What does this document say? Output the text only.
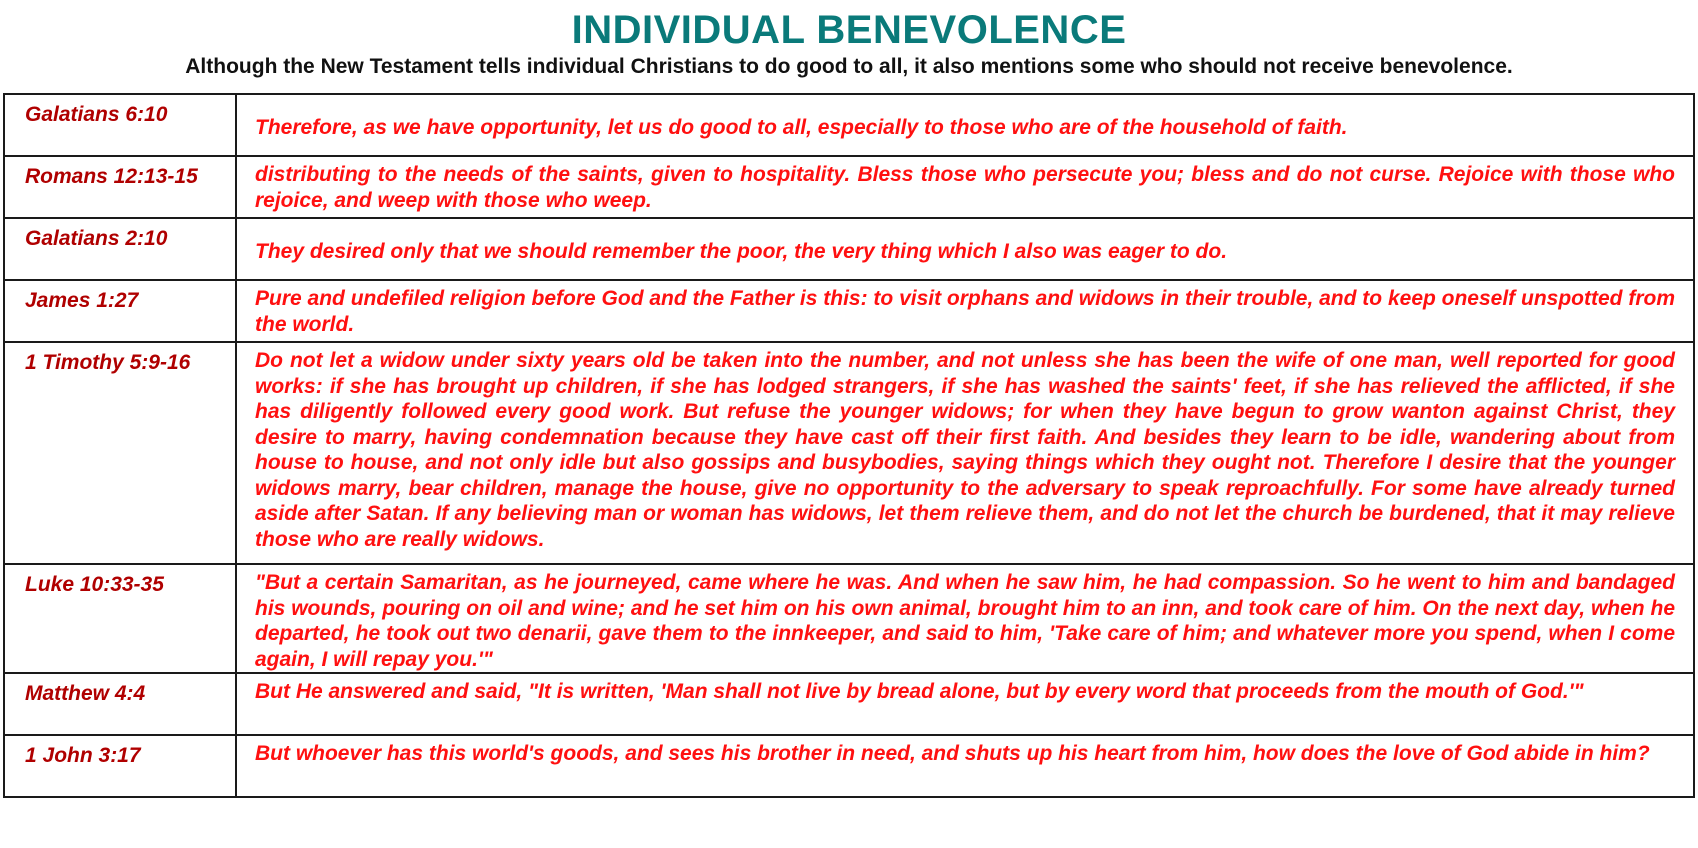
INDIVIDUAL BENEVOLENCE
Although the New Testament tells individual Christians to do good to all, it also mentions some who should not receive benevolence.
Galatians 6:10	Therefore, as we have opportunity, let us do good to all, especially to those who are of the household of faith.
Romans 12:13-15	distributing to the needs of the saints, given to hospitality. Bless those who persecute you; bless and do not curse. Rejoice with those who rejoice, and weep with those who weep.
Galatians 2:10	They desired only that we should remember the poor, the very thing which I also was eager to do.
James 1:27	Pure and undefiled religion before God and the Father is this: to visit orphans and widows in their trouble, and to keep oneself unspotted from the world.
1 Timothy 5:9-16	Do not let a widow under sixty years old be taken into the number, and not unless she has been the wife of one man, well reported for good works: if she has brought up children, if she has lodged strangers, if she has washed the saints' feet, if she has relieved the afflicted, if she has diligently followed every good work. But refuse the younger widows; for when they have begun to grow wanton against Christ, they desire to marry, having condemnation because they have cast off their first faith. And besides they learn to be idle, wandering about from house to house, and not only idle but also gossips and busybodies, saying things which they ought not. Therefore I desire that the younger widows marry, bear children, manage the house, give no opportunity to the adversary to speak reproachfully. For some have already turned aside after Satan. If any believing man or woman has widows, let them relieve them, and do not let the church be burdened, that it may relieve those who are really widows.
Luke 10:33-35	"But a certain Samaritan, as he journeyed, came where he was. And when he saw him, he had compassion. So he went to him and bandaged his wounds, pouring on oil and wine; and he set him on his own animal, brought him to an inn, and took care of him. On the next day, when he departed, he took out two denarii, gave them to the innkeeper, and said to him, 'Take care of him; and whatever more you spend, when I come again, I will repay you.'"
Matthew 4:4	But He answered and said, "It is written, 'Man shall not live by bread alone, but by every word that proceeds from the mouth of God.'"
1 John 3:17	But whoever has this world's goods, and sees his brother in need, and shuts up his heart from him, how does the love of God abide in him?
